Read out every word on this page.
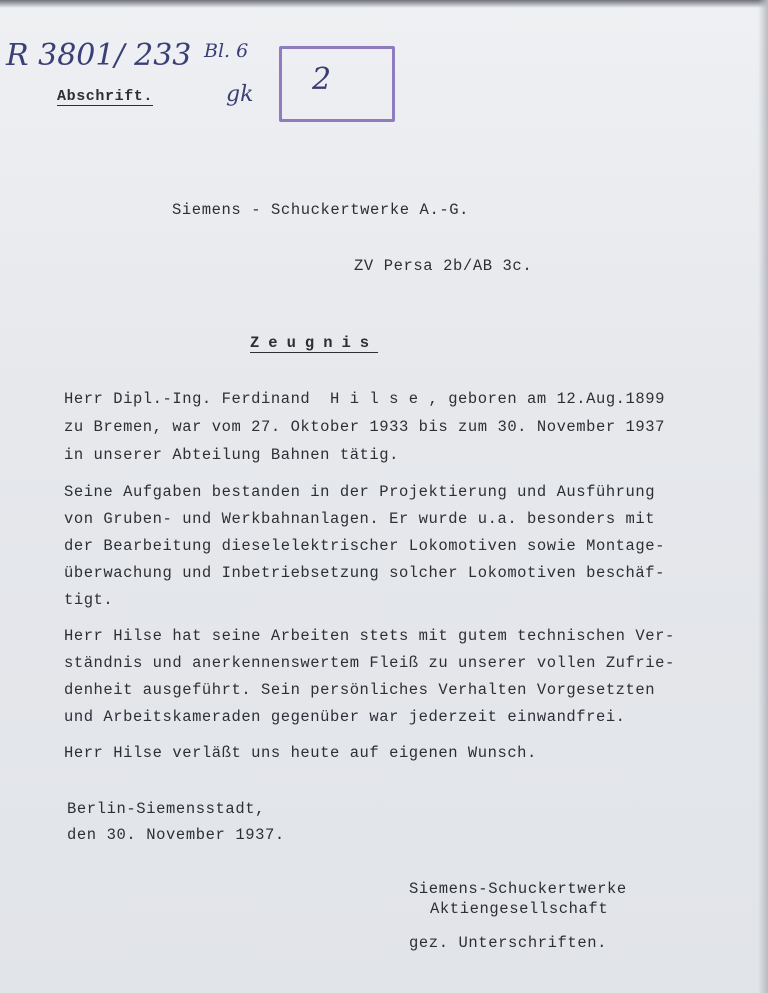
R 3801/ 233 Bl. 6
gk 2
Abschrift.
Siemens - Schuckertwerke A.-G.
ZV Persa 2b/AB 3c.
Zeugnis
Herr Dipl.-Ing. Ferdinand  H i l s e , geboren am 12.Aug.1899
zu Bremen, war vom 27. Oktober 1933 bis zum 30. November 1937
in unserer Abteilung Bahnen tätig.
Seine Aufgaben bestanden in der Projektierung und Ausführung
von Gruben- und Werkbahnanlagen. Er wurde u.a. besonders mit
der Bearbeitung dieselelektrischer Lokomotiven sowie Montage-
überwachung und Inbetriebsetzung solcher Lokomotiven beschäf-
tigt.
Herr Hilse hat seine Arbeiten stets mit gutem technischen Ver-
ständnis und anerkennenswertem Fleiß zu unserer vollen Zufrie-
denheit ausgeführt. Sein persönliches Verhalten Vorgesetzten
und Arbeitskameraden gegenüber war jederzeit einwandfrei.
Herr Hilse verläßt uns heute auf eigenen Wunsch.
Berlin-Siemensstadt,
den 30. November 1937.
Siemens-Schuckertwerke
Aktiengesellschaft
gez. Unterschriften.
